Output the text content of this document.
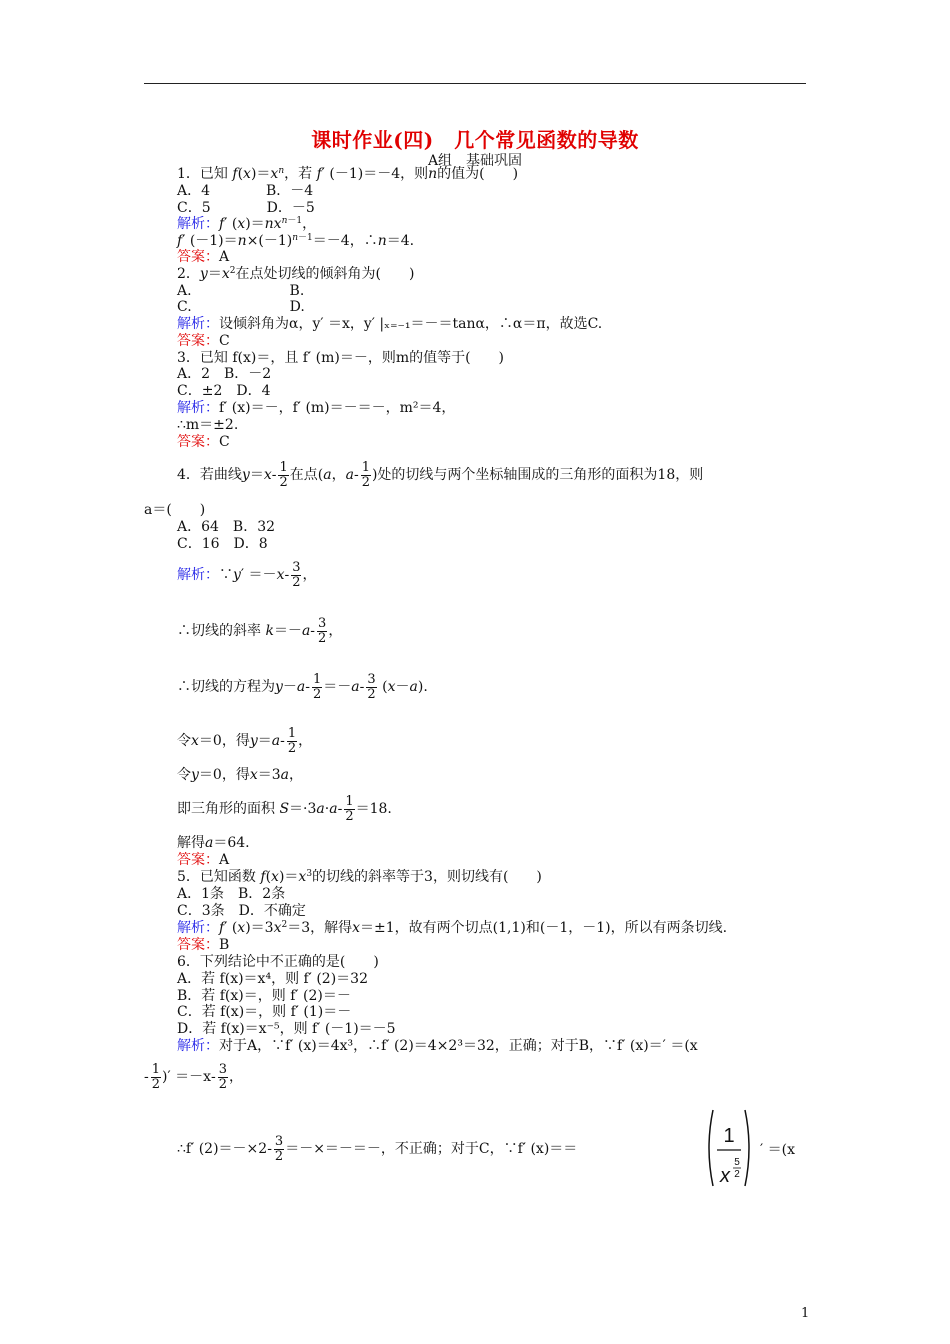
课时作业(四)　几个常见函数的导数
A组　基础巩固
1．已知 $f(x)=x^n$，若 f′ (－1)＝－4，则n的值为(　　)
A．4　　　　B．－4
C．5　　　　D．－5
解析：f′ $(x)=nx^{n-1}$，
f′ $(-1)=n\times(-1)^{n-1}=-4$，∴n＝4.
答案：A
2．$y=x^2$在点处切线的倾斜角为(　　)
A.　　　　　　　B.
C.　　　　　　　D.
解析：设倾斜角为α，y′ ＝x，y′ |ₓ₌₋₁＝－＝tanα，∴α＝π，故选C.
答案：C
3．已知 f(x)＝，且 f′ (m)＝－，则m的值等于(　　)
A．2　B．－2
C．±2　D．4
解析：f′ (x)＝－，f′ (m)＝－＝－，m²＝4，
∴m＝±2.
答案：C
4．若曲线$y=x- \frac{1}{2}$ 在点(a，$a- \frac{1}{2}$ )处的切线与两个坐标轴围成的三角形的面积为18，则
a＝(　　)
A．64　B．32
C．16　D．8
解析：∵y′ $=-x- \frac{3}{2}$ ，
∴切线的斜率 $k=-a- \frac{3}{2}$ ，
∴切线的方程为$y-a- \frac{1}{2} =-a- \frac{3}{2} (x-a)$.
令x＝0，得$y=a- \frac{1}{2}$ ，
令y＝0，得x＝3a，
即三角形的面积 $S=\cdot 3a\cdot a- \frac{1}{2} =18$.
解得a＝64.
答案：A
5．已知函数 $f(x)=x^3$的切线的斜率等于3，则切线有(　　)
A．1条　B．2条
C．3条　D．不确定
解析：f′ $(x)=3x^2=3$，解得x＝±1，故有两个切点(1,1)和(－1，－1)，所以有两条切线.
答案：B
6．下列结论中不正确的是(　　)
A．若 f(x)＝x⁴，则 f′ (2)＝32
B．若 f(x)＝，则 f′ (2)＝－
C．若 f(x)＝，则 f′ (1)＝－
D．若 f(x)＝x⁻⁵，则 f′ (－1)＝－5
解析：对于A，∵f′ (x)＝4x³，∴f′ (2)＝4×2³＝32，正确；对于B，∵f′ (x)＝′ ＝(x
- $\frac{1}{2}$ )′ $=-x- \frac{3}{2}$ ，
∴f′ $(2)=-\times 2- \frac{3}{2}$ ＝－×＝－＝－，不正确；对于C，∵f′ (x)＝＝
1
x
5
2
′ ＝(x
1
